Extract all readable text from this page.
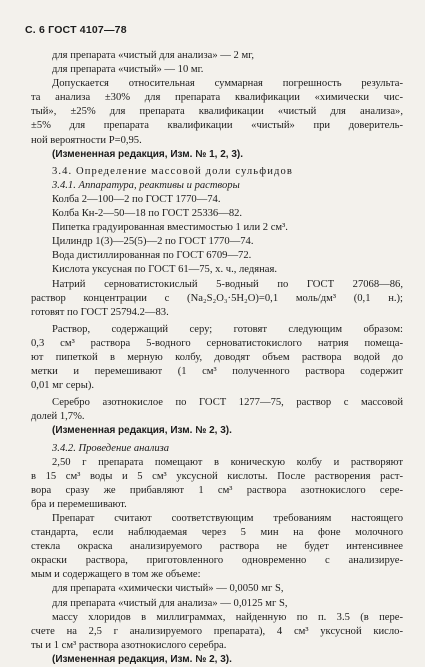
С. 6 ГОСТ 4107—78
для препарата «чистый для анализа» — 2 мг,
для препарата «чистый» — 10 мг.
Допускается относительная суммарная погрешность результа-
та анализа ±30% для препарата квалификации «химически чис-
тый», ±25% для препарата квалификации «чистый для анализа»,
±5% для препарата квалификации «чистый» при доверитель-
ной вероятности P=0,95.
(Измененная редакция, Изм. № 1, 2, 3).
3.4. Определение массовой доли сульфидов
3.4.1. Аппаратура, реактивы и растворы
Колба 2—100—2 по ГОСТ 1770—74.
Колба Кн-2—50—18 по ГОСТ 25336—82.
Пипетка градуированная вместимостью 1 или 2 см³.
Цилиндр 1(3)—25(5)—2 по ГОСТ 1770—74.
Вода дистиллированная по ГОСТ 6709—72.
Кислота уксусная по ГОСТ 61—75, х. ч., ледяная.
Натрий серноватистокислый 5-водный по ГОСТ 27068—86,
раствор концентрации c (Na₂S₂O₃·5H₂O)=0,1 моль/дм³ (0,1 н.);
готовят по ГОСТ 25794.2—83.
Раствор, содержащий серу; готовят следующим образом:
0,3 см³ раствора 5-водного серноватистокислого натрия помеща-
ют пипеткой в мерную колбу, доводят объем раствора водой до
метки и перемешивают (1 см³ полученного раствора содержит
0,01 мг серы).
Серебро азотнокислое по ГОСТ 1277—75, раствор с массовой
долей 1,7%.
(Измененная редакция, Изм. № 2, 3).
3.4.2. Проведение анализа
2,50 г препарата помещают в коническую колбу и растворяют
в 15 см³ воды и 5 см³ уксусной кислоты. После растворения раст-
вора сразу же прибавляют 1 см³ раствора азотнокислого сере-
бра и перемешивают.
Препарат считают соответствующим требованиям настоящего
стандарта, если наблюдаемая через 5 мин на фоне молочного
стекла окраска анализируемого раствора не будет интенсивнее
окраски раствора, приготовленного одновременно с анализируе-
мым и содержащего в том же объеме:
для препарата «химически чистый» — 0,0050 мг S,
для препарата «чистый для анализа» — 0,0125 мг S,
массу хлоридов в миллиграммах, найденную по п. 3.5 (в пере-
счете на 2,5 г анализируемого препарата), 4 см³ уксусной кисло-
ты и 1 см³ раствора азотнокислого серебра.
(Измененная редакция, Изм. № 2, 3).
